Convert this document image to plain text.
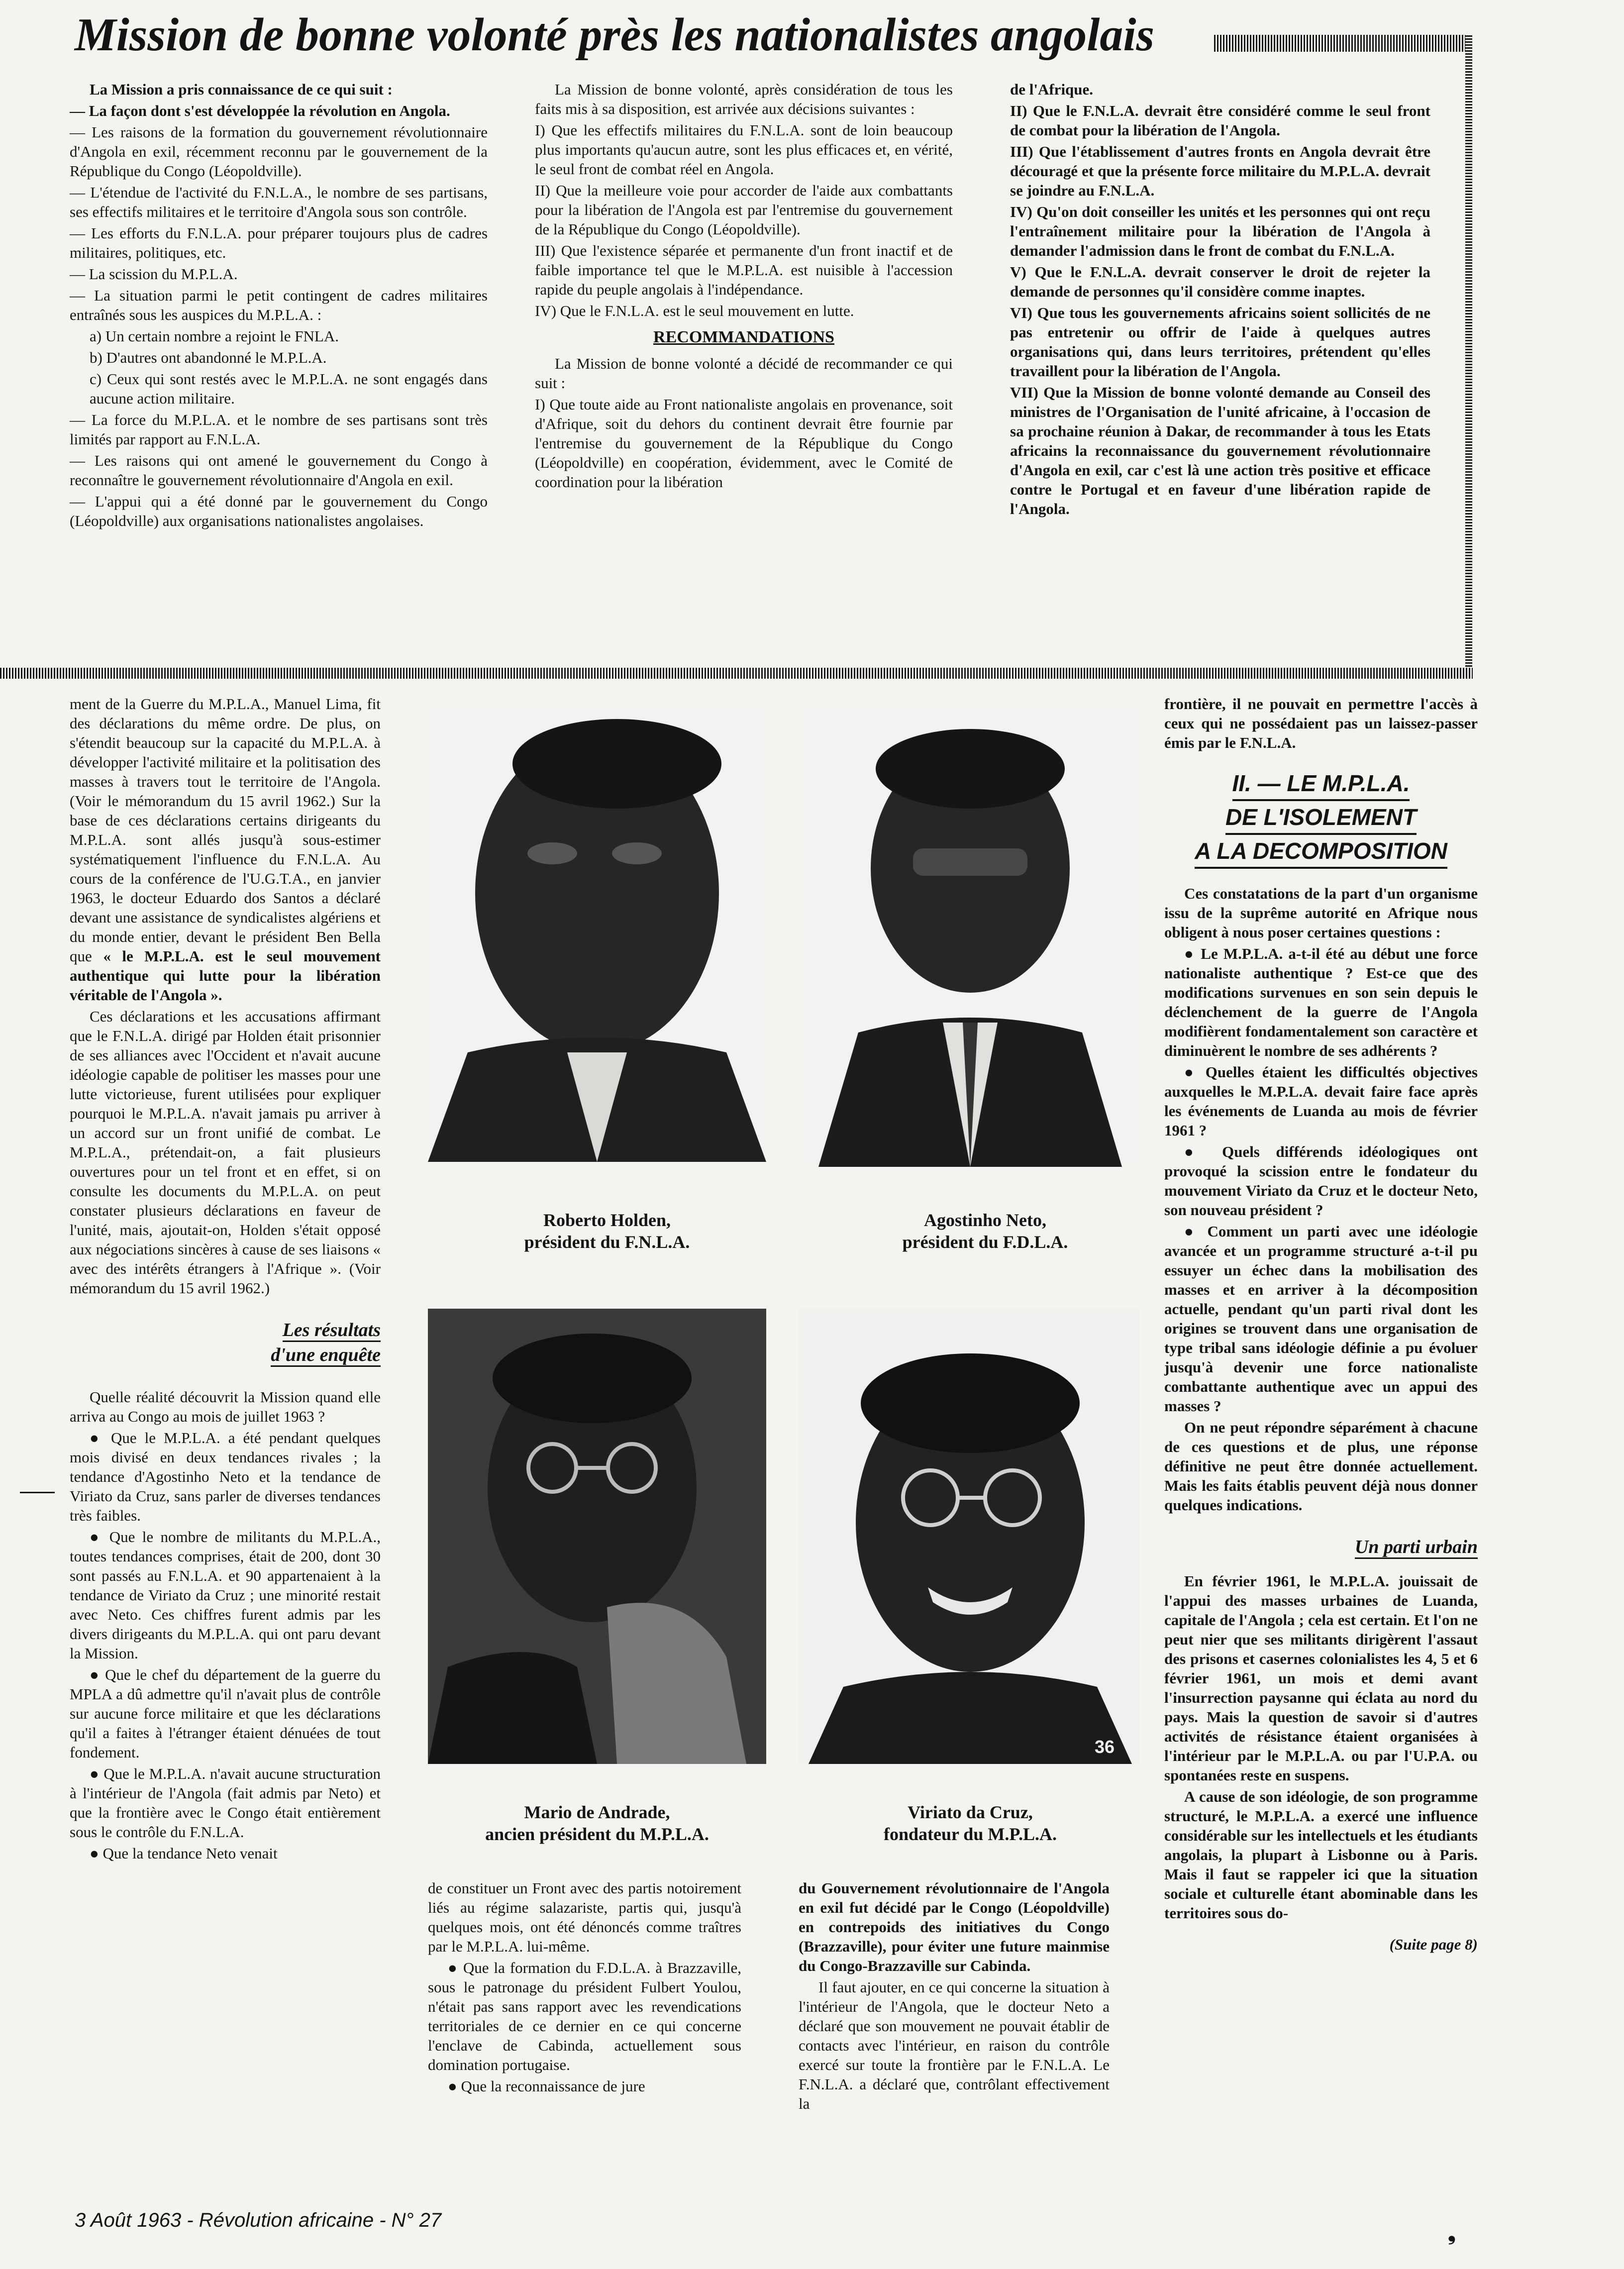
Mission de bonne volonté près les nationalistes angolais

La Mission a pris connaissance de ce qui suit :

— La façon dont s'est développée la révolution en Angola.

— Les raisons de la formation du gouvernement révolutionnaire d'Angola en exil, récemment reconnu par le gouvernement de la République du Congo (Léopoldville).

— L'étendue de l'activité du F.N.L.A., le nombre de ses partisans, ses effectifs militaires et le territoire d'Angola sous son contrôle.

— Les efforts du F.N.L.A. pour préparer toujours plus de cadres militaires, politiques, etc.

— La scission du M.P.L.A.

— La situation parmi le petit contingent de cadres militaires entraînés sous les auspices du M.P.L.A. :

a) Un certain nombre a rejoint le FNLA.

b) D'autres ont abandonné le M.P.L.A.

c) Ceux qui sont restés avec le M.P.L.A. ne sont engagés dans aucune action militaire.

— La force du M.P.L.A. et le nombre de ses partisans sont très limités par rapport au F.N.L.A.

— Les raisons qui ont amené le gouvernement du Congo à reconnaître le gouvernement révolutionnaire d'Angola en exil.

— L'appui qui a été donné par le gouvernement du Congo (Léopoldville) aux organisations nationalistes angolaises.

La Mission de bonne volonté, après considération de tous les faits mis à sa disposition, est arrivée aux décisions suivantes :

I) Que les effectifs militaires du F.N.L.A. sont de loin beaucoup plus importants qu'aucun autre, sont les plus efficaces et, en vérité, le seul front de combat réel en Angola.

II) Que la meilleure voie pour accorder de l'aide aux combattants pour la libération de l'Angola est par l'entremise du gouvernement de la République du Congo (Léopoldville).

III) Que l'existence séparée et permanente d'un front inactif et de faible importance tel que le M.P.L.A. est nuisible à l'accession rapide du peuple angolais à l'indépendance.

IV) Que le F.N.L.A. est le seul mouvement en lutte.

RECOMMANDATIONS

La Mission de bonne volonté a décidé de recommander ce qui suit :

I) Que toute aide au Front nationaliste angolais en provenance, soit d'Afrique, soit du dehors du continent devrait être fournie par l'entremise du gouvernement de la République du Congo (Léopoldville) en coopération, évidemment, avec le Comité de coordination pour la libération

de l'Afrique.

II) Que le F.N.L.A. devrait être considéré comme le seul front de combat pour la libération de l'Angola.

III) Que l'établissement d'autres fronts en Angola devrait être découragé et que la présente force militaire du M.P.L.A. devrait se joindre au F.N.L.A.

IV) Qu'on doit conseiller les unités et les personnes qui ont reçu l'entraînement militaire pour la libération de l'Angola à demander l'admission dans le front de combat du F.N.L.A.

V) Que le F.N.L.A. devrait conserver le droit de rejeter la demande de personnes qu'il considère comme inaptes.

VI) Que tous les gouvernements africains soient sollicités de ne pas entretenir ou offrir de l'aide à quelques autres organisations qui, dans leurs territoires, prétendent qu'elles travaillent pour la libération de l'Angola.

VII) Que la Mission de bonne volonté demande au Conseil des ministres de l'Organisation de l'unité africaine, à l'occasion de sa prochaine réunion à Dakar, de recommander à tous les Etats africains la reconnaissance du gouvernement révolutionnaire d'Angola en exil, car c'est là une action très positive et efficace contre le Portugal et en faveur d'une libération rapide de l'Angola.

ment de la Guerre du M.P.L.A., Manuel Lima, fit des déclarations du même ordre. De plus, on s'étendit beaucoup sur la capacité du M.P.L.A. à développer l'activité militaire et la politisation des masses à travers tout le territoire de l'Angola. (Voir le mémorandum du 15 avril 1962.) Sur la base de ces déclarations certains dirigeants du M.P.L.A. sont allés jusqu'à sous-estimer systématiquement l'influence du F.N.L.A. Au cours de la conférence de l'U.G.T.A., en janvier 1963, le docteur Eduardo dos Santos a déclaré devant une assistance de syndicalistes algériens et du monde entier, devant le président Ben Bella que « le M.P.L.A. est le seul mouvement authentique qui lutte pour la libération véritable de l'Angola ».

Ces déclarations et les accusations affirmant que le F.N.L.A. dirigé par Holden était prisonnier de ses alliances avec l'Occident et n'avait aucune idéologie capable de politiser les masses pour une lutte victorieuse, furent utilisées pour expliquer pourquoi le M.P.L.A. n'avait jamais pu arriver à un accord sur un front unifié de combat. Le M.P.L.A., prétendait-on, a fait plusieurs ouvertures pour un tel front et en effet, si on consulte les documents du M.P.L.A. on peut constater plusieurs déclarations en faveur de l'unité, mais, ajoutait-on, Holden s'était opposé aux négociations sincères à cause de ses liaisons « avec des intérêts étrangers à l'Afrique ». (Voir mémorandum du 15 avril 1962.)

Les résultats
d'une enquête

Quelle réalité découvrit la Mission quand elle arriva au Congo au mois de juillet 1963 ?

● Que le M.P.L.A. a été pendant quelques mois divisé en deux tendances rivales ; la tendance d'Agostinho Neto et la tendance de Viriato da Cruz, sans parler de diverses tendances très faibles.

● Que le nombre de militants du M.P.L.A., toutes tendances comprises, était de 200, dont 30 sont passés au F.N.L.A. et 90 appartenaient à la tendance de Viriato da Cruz ; une minorité restait avec Neto. Ces chiffres furent admis par les divers dirigeants du M.P.L.A. qui ont paru devant la Mission.

● Que le chef du département de la guerre du MPLA a dû admettre qu'il n'avait plus de contrôle sur aucune force militaire et que les déclarations qu'il a faites à l'étranger étaient dénuées de tout fondement.

● Que le M.P.L.A. n'avait aucune structuration à l'intérieur de l'Angola (fait admis par Neto) et que la frontière avec le Congo était entièrement sous le contrôle du F.N.L.A.

● Que la tendance Neto venait

Roberto Holden,
président du F.N.L.A.
Agostinho Neto,
président du F.D.L.A.
Mario de Andrade,
ancien président du M.P.L.A.
36
Viriato da Cruz,
fondateur du M.P.L.A.

de constituer un Front avec des partis notoirement liés au régime salazariste, partis qui, jusqu'à quelques mois, ont été dénoncés comme traîtres par le M.P.L.A. lui-même.

● Que la formation du F.D.L.A. à Brazzaville, sous le patronage du président Fulbert Youlou, n'était pas sans rapport avec les revendications territoriales de ce dernier en ce qui concerne l'enclave de Cabinda, actuellement sous domination portugaise.

● Que la reconnaissance de jure

du Gouvernement révolutionnaire de l'Angola en exil fut décidé par le Congo (Léopoldville) en contrepoids des initiatives du Congo (Brazzaville), pour éviter une future mainmise du Congo-Brazzaville sur Cabinda.

Il faut ajouter, en ce qui concerne la situation à l'intérieur de l'Angola, que le docteur Neto a déclaré que son mouvement ne pouvait établir de contacts avec l'intérieur, en raison du contrôle exercé sur toute la frontière par le F.N.L.A. Le F.N.L.A. a déclaré que, contrôlant effectivement la

frontière, il ne pouvait en permettre l'accès à ceux qui ne possédaient pas un laissez-passer émis par le F.N.L.A.

II. — LE M.P.L.A.
DE L'ISOLEMENT
A LA DECOMPOSITION

Ces constatations de la part d'un organisme issu de la suprême autorité en Afrique nous obligent à nous poser certaines questions :

● Le M.P.L.A. a-t-il été au début une force nationaliste authentique ? Est-ce que des modifications survenues en son sein depuis le déclenchement de la guerre de l'Angola modifièrent fondamentalement son caractère et diminuèrent le nombre de ses adhérents ?

● Quelles étaient les difficultés objectives auxquelles le M.P.L.A. devait faire face après les événements de Luanda au mois de février 1961 ?

● Quels différends idéologiques ont provoqué la scission entre le fondateur du mouvement Viriato da Cruz et le docteur Neto, son nouveau président ?

● Comment un parti avec une idéologie avancée et un programme structuré a-t-il pu essuyer un échec dans la mobilisation des masses et en arriver à la décomposition actuelle, pendant qu'un parti rival dont les origines se trouvent dans une organisation de type tribal sans idéologie définie a pu évoluer jusqu'à devenir une force nationaliste combattante authentique avec un appui des masses ?

On ne peut répondre séparément à chacune de ces questions et de plus, une réponse définitive ne peut être donnée actuellement. Mais les faits établis peuvent déjà nous donner quelques indications.

Un parti urbain

En février 1961, le M.P.L.A. jouissait de l'appui des masses urbaines de Luanda, capitale de l'Angola ; cela est certain. Et l'on ne peut nier que ses militants dirigèrent l'assaut des prisons et casernes colonialistes les 4, 5 et 6 février 1961, un mois et demi avant l'insurrection paysanne qui éclata au nord du pays. Mais la question de savoir si d'autres activités de résistance étaient organisées à l'intérieur par le M.P.L.A. ou par l'U.P.A. ou spontanées reste en suspens.

A cause de son idéologie, de son programme structuré, le M.P.L.A. a exercé une influence considérable sur les intellectuels et les étudiants angolais, la plupart à Lisbonne ou à Paris. Mais il faut se rappeler ici que la situation sociale et culturelle étant abominable dans les territoires sous do-

(Suite page 8)
3 Août 1963 - Révolution africaine - N° 27
❟
